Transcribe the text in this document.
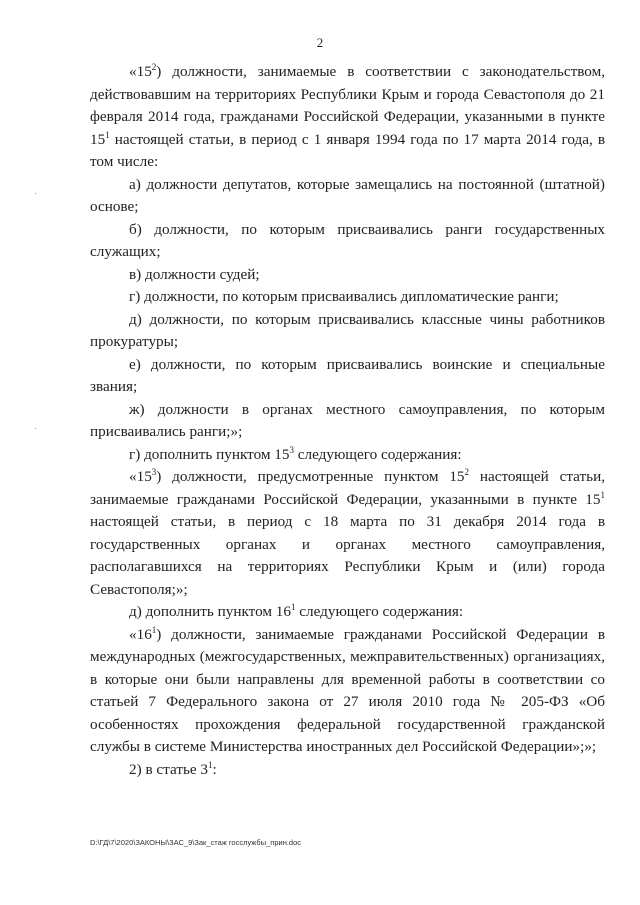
2

«$15^2$) должности, занимаемые в соответствии с законодательством, действовавшим на территориях Республики Крым и города Севастополя до 21 февраля 2014 года, гражданами Российской Федерации, указанными в пункте $15^1$ настоящей статьи, в период с 1 января 1994 года по 17 марта 2014 года, в том числе:

а) должности депутатов, которые замещались на постоянной (штатной) основе;

б) должности, по которым присваивались ранги государственных служащих;

в) должности судей;

г) должности, по которым присваивались дипломатические ранги;

д) должности, по которым присваивались классные чины работников прокуратуры;

е) должности, по которым присваивались воинские и специальные звания;

ж) должности в органах местного самоуправления, по которым присваивались ранги;»;

г) дополнить пунктом $15^3$ следующего содержания:

«$15^3$) должности, предусмотренные пунктом $15^2$ настоящей статьи, занимаемые гражданами Российской Федерации, указанными в пункте $15^1$ настоящей статьи, в период с 18 марта по 31 декабря 2014 года в государственных органах и органах местного самоуправления, располагавшихся на территориях Республики Крым и (или) города Севастополя;»;

д) дополнить пунктом $16^1$ следующего содержания:

«$16^1$) должности, занимаемые гражданами Российской Федерации в международных (межгосударственных, межправительственных) организациях, в которые они были направлены для временной работы в соответствии со статьей 7 Федерального закона от 27 июля 2010 года № 205-ФЗ «Об особенностях прохождения федеральной государственной гражданской службы в системе Министерства иностранных дел Российской Федерации»;»;

2) в статье $3^1$:

D:\ГД\7\2020\ЗАКОНЫ\ЗАС_9\Зак_стаж госслужбы_прин.doc
